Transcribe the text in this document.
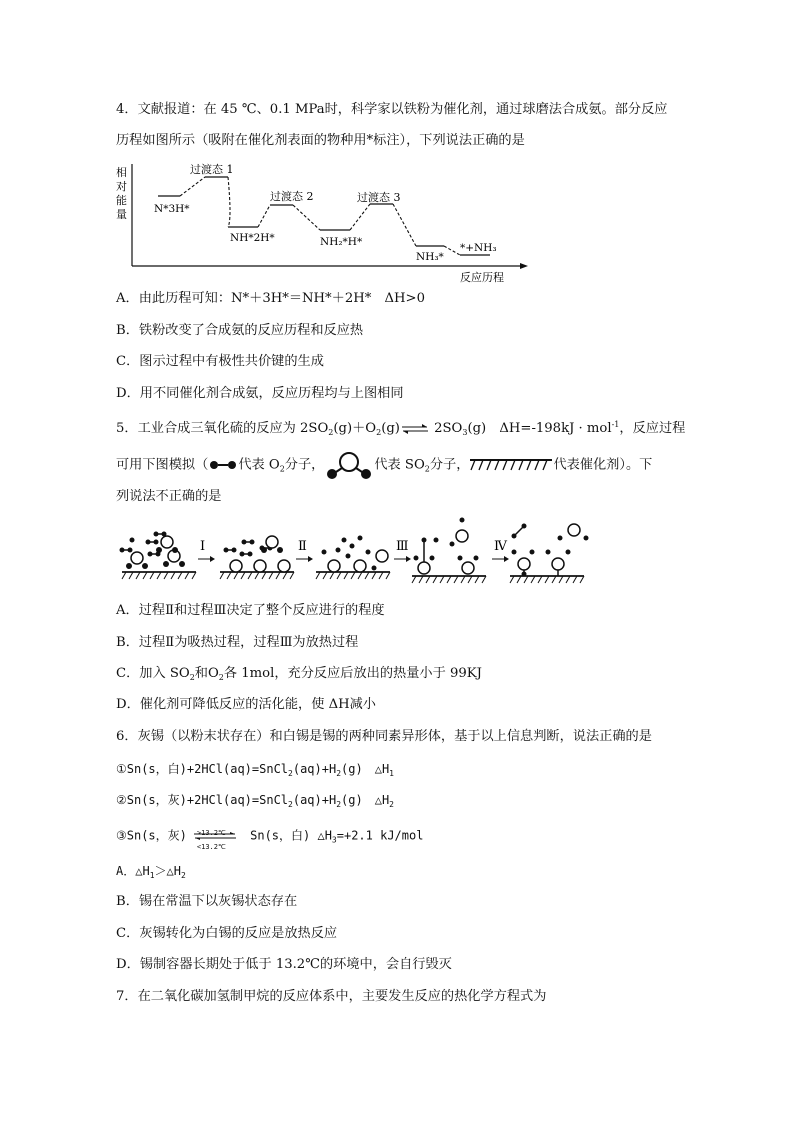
4．文献报道：在 45 ℃、0.1 MPa时，科学家以铁粉为催化剂，通过球磨法合成氨。部分反应
历程如图所示（吸附在催化剂表面的物种用*标注），下列说法正确的是
相
对
能
量
反应历程
过渡态 1
过渡态 2	过渡态 3
N*3H*
NH*2H*	NH₂*H*
NH₃*
*+NH₃
A．由此历程可知：N*＋3H*＝NH*＋2H*　ΔH>0
B．铁粉改变了合成氨的反应历程和反应热
C．图示过程中有极性共价键的生成
D．用不同催化剂合成氨，反应历程均与上图相同
5．工业合成三氧化硫的反应为 $2SO_2(g)+O_2(g)\rightleftharpoons$ $2SO_3(g)$　ΔH=-198kJ · mol$^{-1}$，反应过程
可用下图模拟（ 代表 $O_2$分子，	代表 $SO_2$分子，	代表催化剂）。下
列说法不正确的是
Ⅰ	Ⅱ	Ⅲ	Ⅳ
A．过程Ⅱ和过程Ⅲ决定了整个反应进行的程度
B．过程Ⅱ为吸热过程，过程Ⅲ为放热过程
C．加入 $SO_2$和$O_2$各 1mol，充分反应后放出的热量小于 99KJ
D．催化剂可降低反应的活化能，使 ΔH减小
6．灰锡（以粉末状存在）和白锡是锡的两种同素异形体，基于以上信息判断，说法正确的是
①Sn(s，白)$+2HCl(aq)=SnCl_2(aq)+H_2(g)$　$\triangle H_1$
②Sn(s，灰)$+2HCl(aq)=SnCl_2(aq)+H_2(g)$　$\triangle H_2$
③Sn(s，灰) >13.2℃
<13.2℃
Sn(s，白) $\triangle H_3=+2.1$ kJ/mol
A．$\triangle H_1>\triangle H_2$
B．锡在常温下以灰锡状态存在
C．灰锡转化为白锡的反应是放热反应
D．锡制容器长期处于低于 13.2℃的环境中，会自行毁灭
7．在二氧化碳加氢制甲烷的反应体系中，主要发生反应的热化学方程式为
